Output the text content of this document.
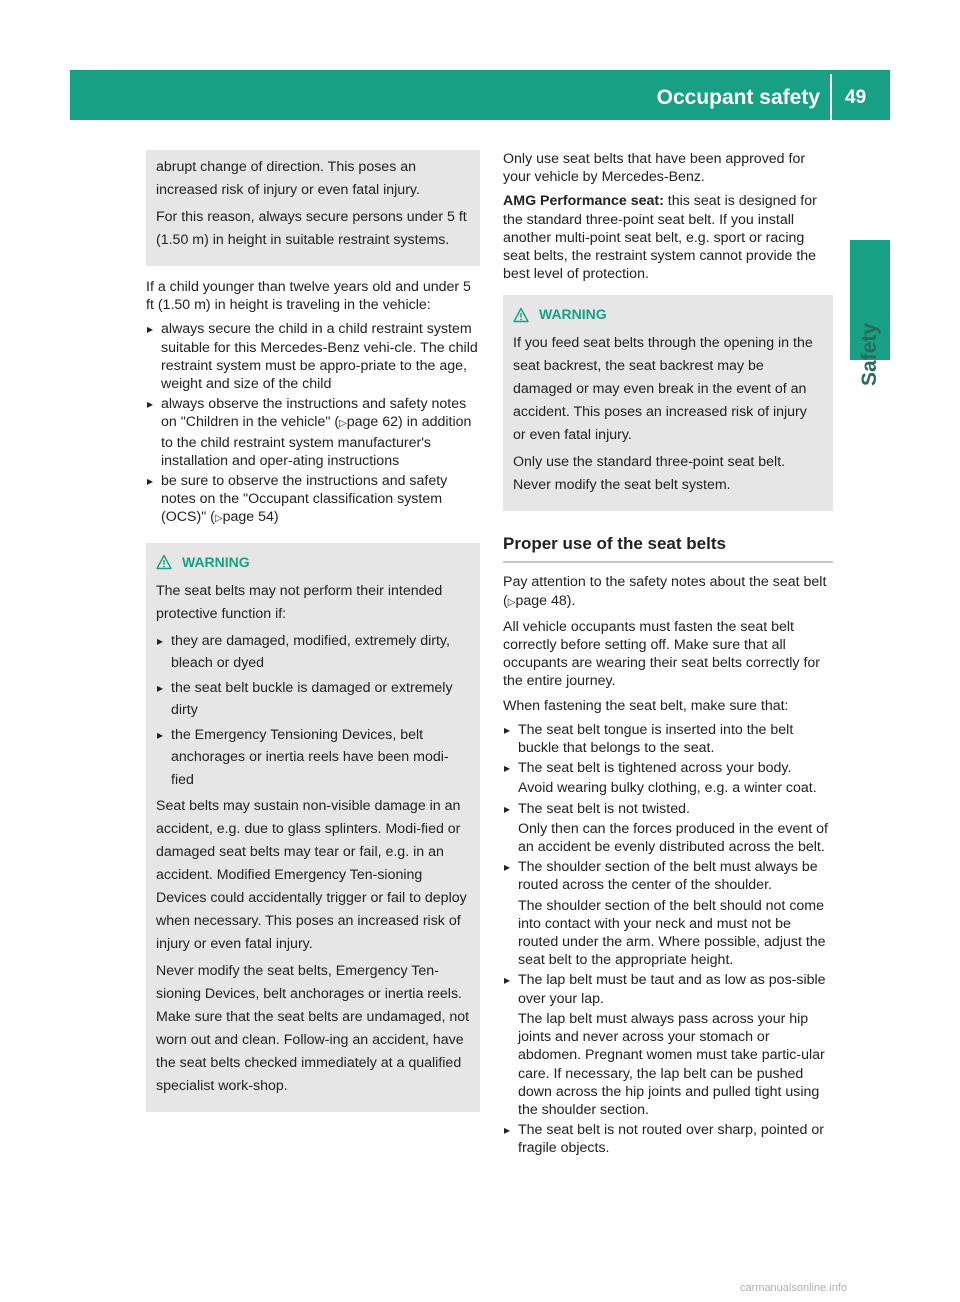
Occupant safety 49
Safety

abrupt change of direction. This poses an increased risk of injury or even fatal injury.

For this reason, always secure persons under 5 ft (1.50 m) in height in suitable restraint systems.

If a child younger than twelve years old and under 5 ft (1.50 m) in height is traveling in the vehicle:

▸ always secure the child in a child restraint system suitable for this Mercedes-Benz vehi-cle. The child restraint system must be appro-priate to the age, weight and size of the child
▸ always observe the instructions and safety notes on "Children in the vehicle" (▷page 62) in addition to the child restraint system manufacturer's installation and oper-ating instructions
▸ be sure to observe the instructions and safety notes on the "Occupant classification system (OCS)" (▷page 54)
WARNING

The seat belts may not perform their intended protective function if:

▸ they are damaged, modified, extremely dirty, bleach or dyed
▸ the seat belt buckle is damaged or extremely dirty
▸ the Emergency Tensioning Devices, belt anchorages or inertia reels have been modi-fied

Seat belts may sustain non-visible damage in an accident, e.g. due to glass splinters. Modi-fied or damaged seat belts may tear or fail, e.g. in an accident. Modified Emergency Ten-sioning Devices could accidentally trigger or fail to deploy when necessary. This poses an increased risk of injury or even fatal injury.

Never modify the seat belts, Emergency Ten-sioning Devices, belt anchorages or inertia reels. Make sure that the seat belts are undamaged, not worn out and clean. Follow-ing an accident, have the seat belts checked immediately at a qualified specialist work-shop.

Only use seat belts that have been approved for your vehicle by Mercedes-Benz.

AMG Performance seat: this seat is designed for the standard three-point seat belt. If you install another multi-point seat belt, e.g. sport or racing seat belts, the restraint system cannot provide the best level of protection.

WARNING

If you feed seat belts through the opening in the seat backrest, the seat backrest may be damaged or may even break in the event of an accident. This poses an increased risk of injury or even fatal injury.

Only use the standard three-point seat belt. Never modify the seat belt system.

Proper use of the seat belts

Pay attention to the safety notes about the seat belt (▷page 48).

All vehicle occupants must fasten the seat belt correctly before setting off. Make sure that all occupants are wearing their seat belts correctly for the entire journey.

When fastening the seat belt, make sure that:

▸ The seat belt tongue is inserted into the belt buckle that belongs to the seat.
▸ The seat belt is tightened across your body.
Avoid wearing bulky clothing, e.g. a winter coat.
▸ The seat belt is not twisted.
Only then can the forces produced in the event of an accident be evenly distributed across the belt.
▸ The shoulder section of the belt must always be routed across the center of the shoulder.
The shoulder section of the belt should not come into contact with your neck and must not be routed under the arm. Where possible, adjust the seat belt to the appropriate height.
▸ The lap belt must be taut and as low as pos-sible over your lap.
The lap belt must always pass across your hip joints and never across your stomach or abdomen. Pregnant women must take partic-ular care. If necessary, the lap belt can be pushed down across the hip joints and pulled tight using the shoulder section.
▸ The seat belt is not routed over sharp, pointed or fragile objects.
carmanualsonline.info
